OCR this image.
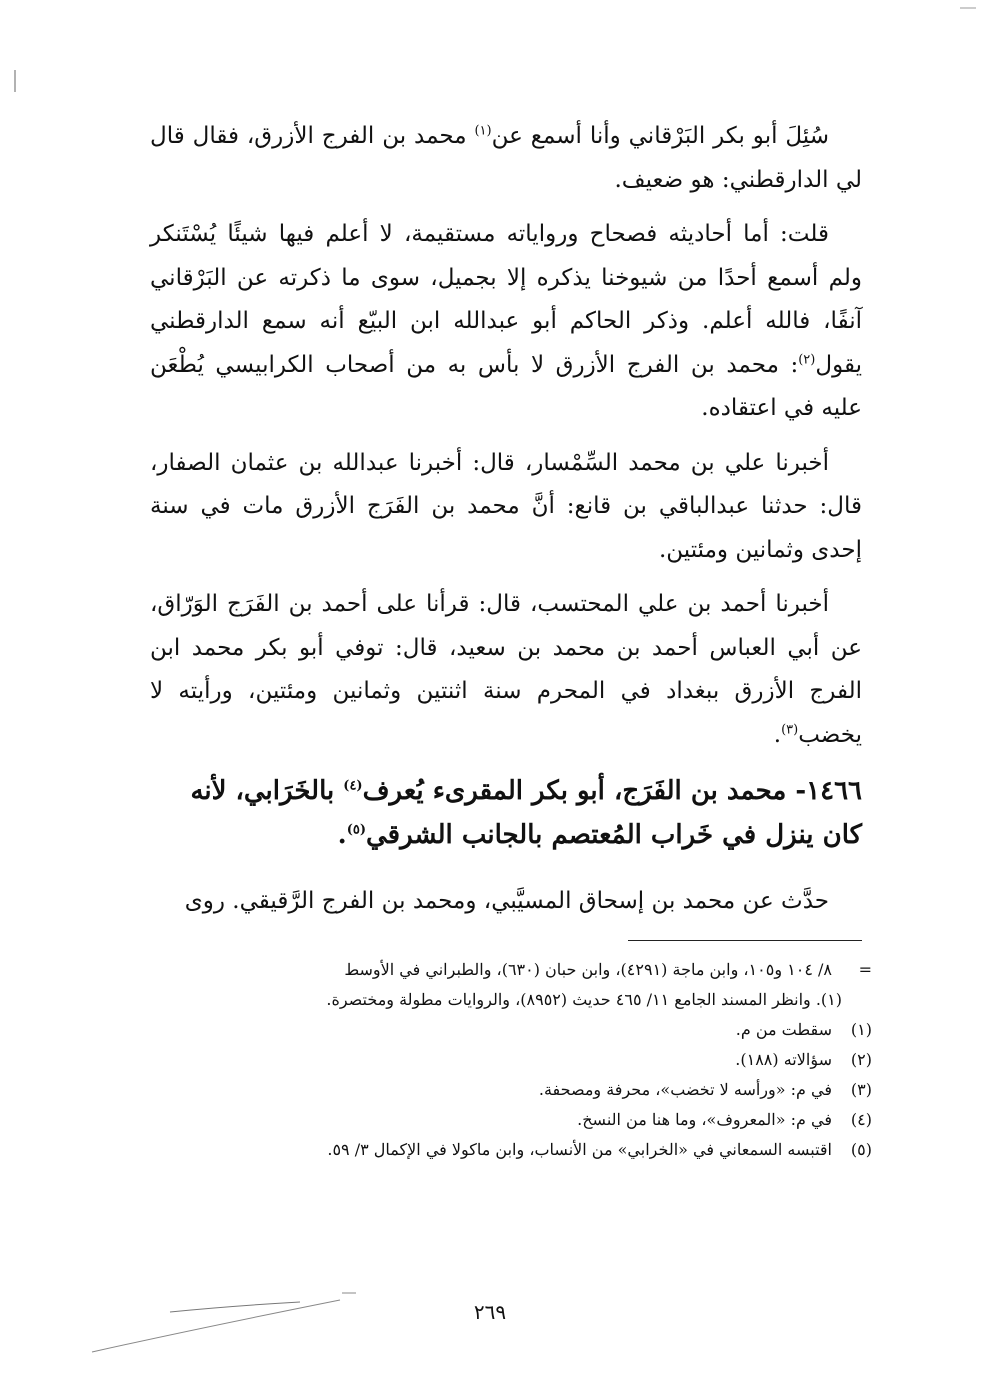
سُئِلَ أبو بكر البَرْقاني وأنا أسمع عن$^{(١)}$ محمد بن الفرج الأزرق، فقال قال لي الدارقطني: هو ضعيف.

قلت: أما أحاديثه فصحاح ورواياته مستقيمة، لا أعلم فيها شيئًا يُسْتَنكر ولم أسمع أحدًا من شيوخنا يذكره إلا بجميل، سوى ما ذكرته عن البَرْقاني آنفًا، فالله أعلم. وذكر الحاكم أبو عبدالله ابن البيّع أنه سمع الدارقطني يقول$^{(٢)}$: محمد بن الفرج الأزرق لا بأس به من أصحاب الكرابيسي يُطْعَن عليه في اعتقاده.

أخبرنا علي بن محمد السِّمْسار، قال: أخبرنا عبدالله بن عثمان الصفار، قال: حدثنا عبدالباقي بن قانع: أنَّ محمد بن الفَرَج الأزرق مات في سنة إحدى وثمانين ومئتين.

أخبرنا أحمد بن علي المحتسب، قال: قرأنا على أحمد بن الفَرَج الوَرّاق، عن أبي العباس أحمد بن محمد بن سعيد، قال: توفي أبو بكر محمد ابن الفرج الأزرق ببغداد في المحرم سنة اثنتين وثمانين ومئتين، ورأيته لا يخضب$^{(٣)}$.

١٤٦٦- محمد بن الفَرَج، أبو بكر المقرىء يُعرف$^{(٤)}$ بالخَرَابي، لأنه كان ينزل في خَراب المُعتصم بالجانب الشرقي$^{(٥)}$.
حدَّث عن محمد بن إسحاق المسيَّبي، ومحمد بن الفرج الرَّقيقي. روى

=٨/ ١٠٤ و١٠٥، وابن ماجة (٤٢٩١)، وابن حبان (٦٣٠)، والطبراني في الأوسط

(١). وانظر المسند الجامع ١١/ ٤٦٥ حديث (٨٩٥٢)، والروايات مطولة ومختصرة.

(١)سقطت من م.

(٢)سؤالاته (١٨٨).

(٣)في م: «ورأسه لا تخضب»، محرفة ومصحفة.

(٤)في م: «المعروف»، وما هنا من النسخ.

(٥)اقتبسه السمعاني في «الخرابي» من الأنساب، وابن ماكولا في الإكمال ٣/ ٥٩.

٢٦٩
